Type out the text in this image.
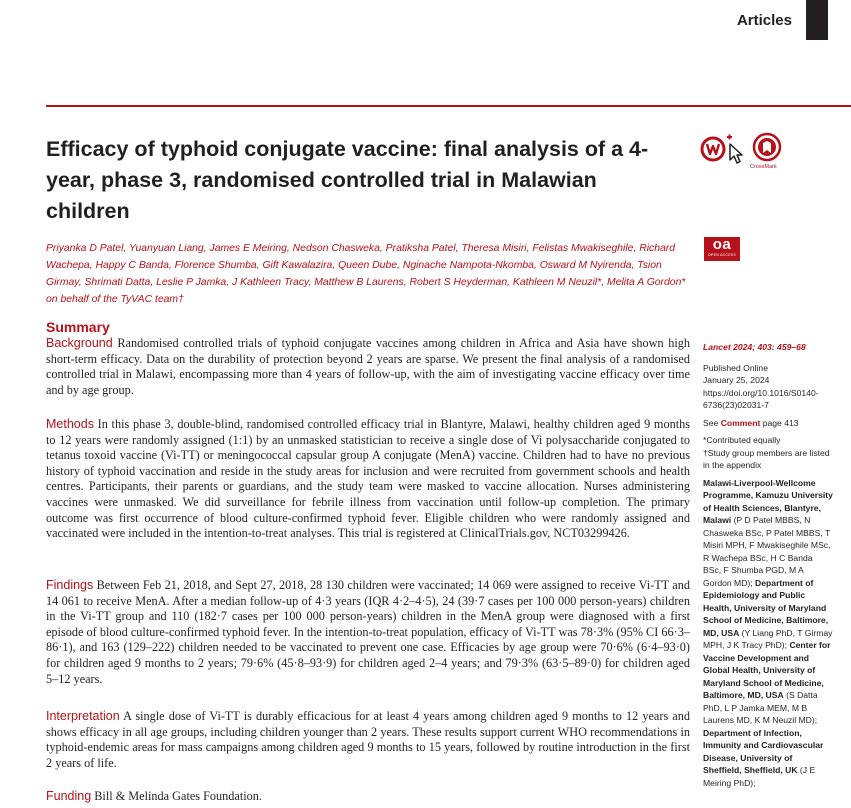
Articles
Efficacy of typhoid conjugate vaccine: final analysis of a 4-year, phase 3, randomised controlled trial in Malawian children
CrossMark
oa
OPEN ACCESS
Priyanka D Patel , Yuanyuan Liang , James E Meiring , Nedson Chasweka , Pratiksha Patel , Theresa Misiri , Felistas Mwakiseghile , Richard Wachepa , Happy C Banda , Florence Shumba , Gift Kawalazira , Queen Dube , Nginache Nampota-Nkomba , Osward M Nyirenda , Tsion Girmay , Shrimati Datta , Leslie P Jamka , J Kathleen Tracy , Matthew B Laurens , Robert S Heyderman , Kathleen M Neuzil* , Melita A Gordon*on behalf of the TyVAC team†
Summary

Background Randomised controlled trials of typhoid conjugate vaccines among children in Africa and Asia have shown high short-term efficacy. Data on the durability of protection beyond 2 years are sparse. We present the final analysis of a randomised controlled trial in Malawi, encompassing more than 4 years of follow-up, with the aim of investigating vaccine efficacy over time and by age group.

Methods In this phase 3, double-blind, randomised controlled efficacy trial in Blantyre, Malawi, healthy children aged 9 months to 12 years were randomly assigned (1:1) by an unmasked statistician to receive a single dose of Vi polysaccharide conjugated to tetanus toxoid vaccine (Vi-TT) or meningococcal capsular group A conjugate (MenA) vaccine. Children had to have no previous history of typhoid vaccination and reside in the study areas for inclusion and were recruited from government schools and health centres. Participants, their parents or guardians, and the study team were masked to vaccine allocation. Nurses administering vaccines were unmasked. We did surveillance for febrile illness from vaccination until follow-up completion. The primary outcome was first occurrence of blood culture-confirmed typhoid fever. Eligible children who were randomly assigned and vaccinated were included in the intention-to-treat analyses. This trial is registered at ClinicalTrials.gov, NCT03299426.

Findings Between Feb 21, 2018, and Sept 27, 2018, 28 130 children were vaccinated; 14 069 were assigned to receive Vi-TT and 14 061 to receive MenA. After a median follow-up of 4·3 years (IQR 4·2–4·5), 24 (39·7 cases per 100 000 person-years) children in the Vi-TT group and 110 (182·7 cases per 100 000 person-years) children in the MenA group were diagnosed with a first episode of blood culture-confirmed typhoid fever. In the intention-to-treat population, efficacy of Vi-TT was 78·3% (95% CI 66·3–86·1), and 163 (129–222) children needed to be vaccinated to prevent one case. Efficacies by age group were 70·6% (6·4–93·0) for children aged 9 months to 2 years; 79·6% (45·8–93·9) for children aged 2–4 years; and 79·3% (63·5–89·0) for children aged 5–12 years.

Interpretation A single dose of Vi-TT is durably efficacious for at least 4 years among children aged 9 months to 12 years and shows efficacy in all age groups, including children younger than 2 years. These results support current WHO recommendations in typhoid-endemic areas for mass campaigns among children aged 9 months to 15 years, followed by routine introduction in the first 2 years of life.

Funding Bill & Melinda Gates Foundation.

Lancet 2024; 403: 459–68
Published Online
January 25, 2024
https://doi.org/10.1016/S0140-6736(23)02031-7
See Comment page 413
*Contributed equally
†Study group members are listed in the appendix
Malawi-Liverpool-Wellcome Programme, Kamuzu University of Health Sciences, Blantyre, Malawi (P D Patel MBBS, N Chasweka BSc, P Patel MBBS, T Misiri MPH, F Mwakiseghile MSc, R Wachepa BSc, H C Banda BSc, F Shumba PGD, M A Gordon MD); Department of Epidemiology and Public Health, University of Maryland School of Medicine, Baltimore, MD, USA (Y Liang PhD, T Girmay MPH, J K Tracy PhD); Center for Vaccine Development and Global Health, University of Maryland School of Medicine, Baltimore, MD, USA (S Datta PhD, L P Jamka MEM, M B Laurens MD, K M Neuzil MD); Department of Infection, Immunity and Cardiovascular Disease, University of Sheffield, Sheffield, UK (J E Meiring PhD);
